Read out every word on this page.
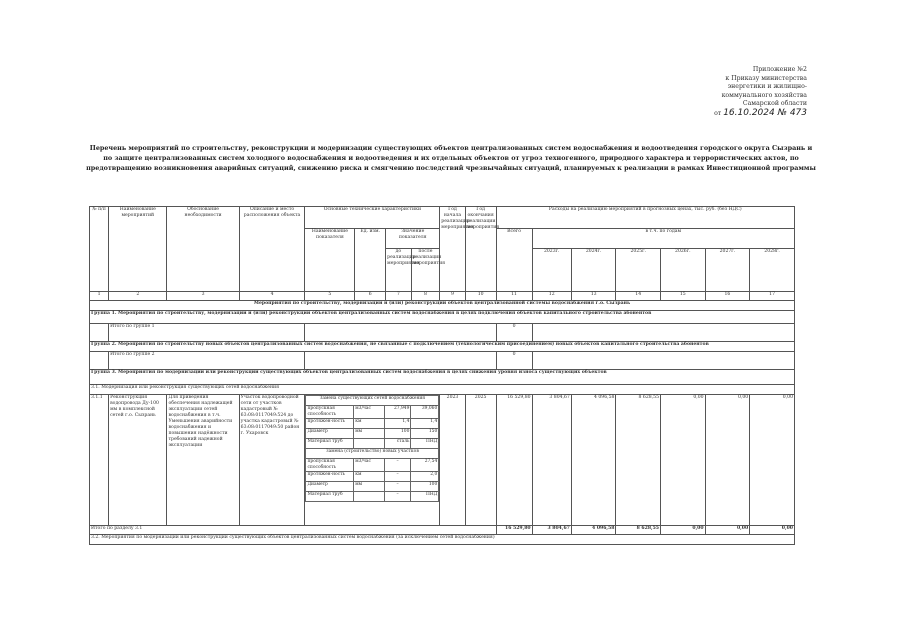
Приложение №2
к Приказу министерства
энергетики и жилищно-
коммунального хозяйства
Самарской области
от 16.10.2024 № 473
Перечень мероприятий по строительству, реконструкции и модернизации существующих объектов централизованных систем водоснабжения и водоотведения городского округа Сызрань и по защите централизованных систем холодного водоснабжения и водоотведения и их отдельных объектов от угроз техногенного, природного характера и террористических актов, по предотвращению возникновения аварийных ситуаций, снижению риска и смягчению последствий чрезвычайных ситуаций, планируемых к реализации в рамках Инвестиционной программы
№ п/п	Наименование мероприятий	Обоснование необходимости	Описание и место расположения объекта	Основные технические характеристики	Год начала реализации мероприятия	Год окончания реализации мероприятия	Расходы на реализацию мероприятий в прогнозных ценах, тыс. руб. (без НДС)
Наименование показателя	Ед. изм.	Значение показателя	Всего	в т.ч. по годам
до реализации мероприятия	после реализации мероприятия	2023г.	2024г.	2025г.	2026г.	2027г.	2028г.
1	2	3	4	5	6	7	8	9	10	11	12	13	14	15	16	17
Мероприятия по строительству, модернизации и (или) реконструкции объектов централизованной системы водоснабжения г.о. Сызрань
Группа 1. Мероприятия по строительству, модернизации и (или) реконструкции объектов централизованных систем водоснабжения в целях подключения объектов капитального строительства абонентов
	Итого по группе 1		0	
Группа 2. Мероприятия по строительству новых объектов централизованных систем водоснабжения, не связанные с подключением (технологическим присоединением) новых объектов капитального строительства абонентов
	Итого по группе 2		0	
Группа 3. Мероприятия по модернизации или реконструкции существующих объектов централизованных систем водоснабжения в целях снижения уровня износа существующих объектов
3.1. Модернизация или реконструкция существующих сетей водоснабжения
3.1.1	Реконструкция водопровода Ду-100 мм в комплексной сетей г.о. Сызрань	Для приведения обеспечения надлежащей эксплуатации сетей водоснабжения в т.ч. Уменьшения аварийности водоснабжения и повышения надёжности требований надежной эксплуатации	Участок водопроводной сети от участков кадастровый № 63:08:0117049:524 до участка кадастровый № 63:08:0117049:50 район г. Ухаровск	
Замена существующих сетей водоснабжения
пропускная способность	м3/час	27,949	39,060
протяжен-ность	км	1,4	1,4
Диаметр	мм	100	150
Материал труб		сталь	ПНД
Замена (строительство) новых участков
пропускная способность	м3/час	–	27,54
протяжен-ность	км	–	2,0
Диаметр	мм	–	100
Материал труб		–	ПНД
	2023	2025	16 529,80	3 804,67	4 096,58	8 628,55	0,00	0,00	0,00
Итого по разделу 3.1	16 529,80	3 804,67	4 096,58	8 628,55	0,00	0,00	0,00
3.2. Мероприятия по модернизации или реконструкции существующих объектов централизованных систем водоснабжения (за исключением сетей водоснабжения)
